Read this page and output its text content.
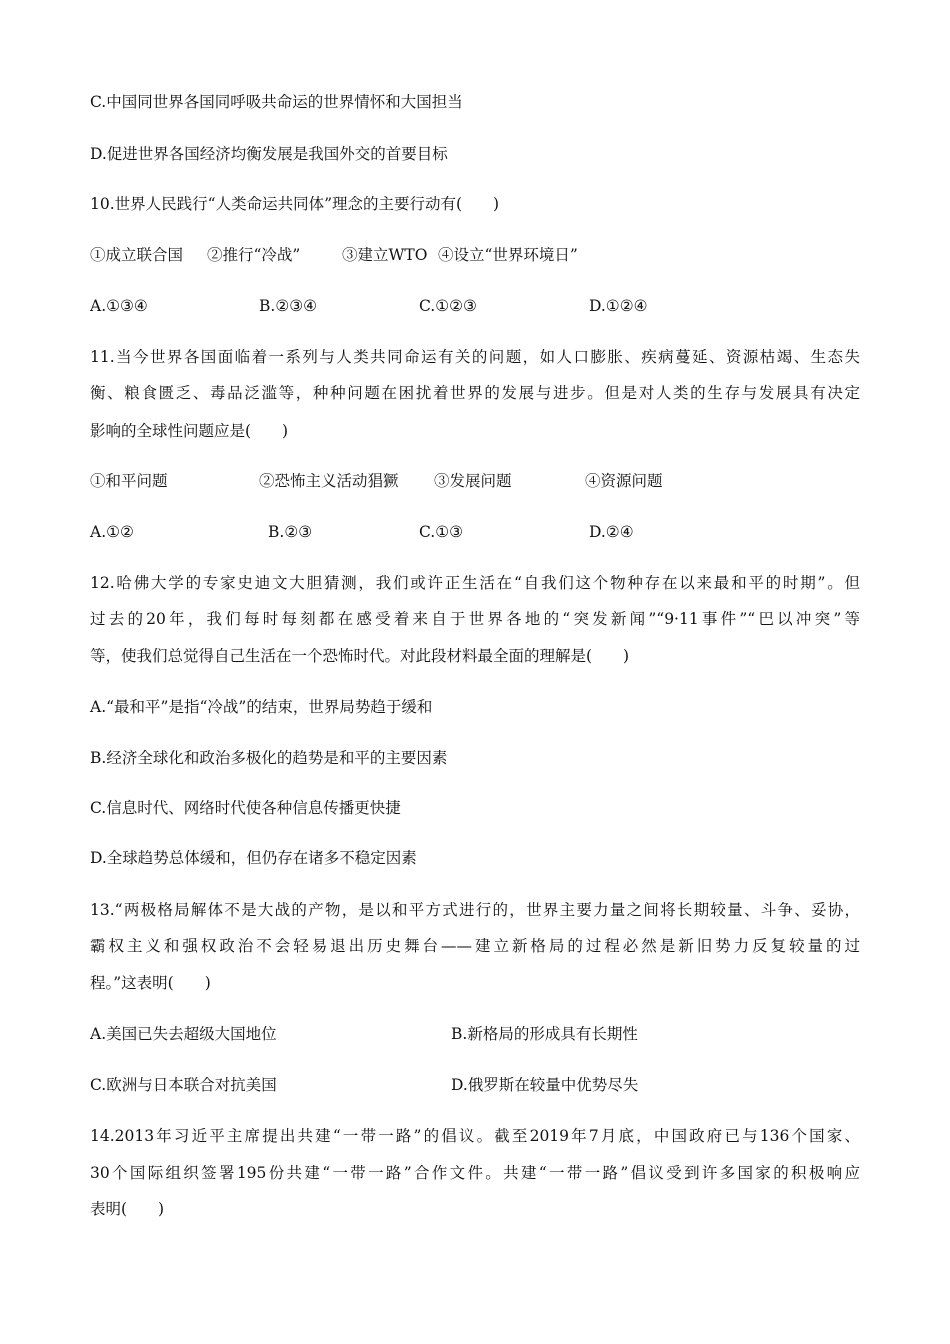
C.中国同世界各国同呼吸共命运的世界情怀和大国担当
D.促进世界各国经济均衡发展是我国外交的首要目标
10.世界人民践行“人类命运共同体”理念的主要行动有(　　)
①成立联合国 ②推行“冷战”	③建立WTO ④设立“世界环境日”
A.①③④	B.②③④	C.①②③	D.①②④
11.当今世界各国面临着一系列与人类共同命运有关的问题，如人口膨胀、疾病蔓延、资源枯竭、生态失
衡、粮食匮乏、毒品泛滥等，种种问题在困扰着世界的发展与进步。但是对人类的生存与发展具有决定
影响的全球性问题应是(　　)
①和平问题	②恐怖主义活动猖獗 ③发展问题	④资源问题
A.①②	B.②③	C.①③	D.②④
12.哈佛大学的专家史迪文大胆猜测，我们或许正生活在“自我们这个物种存在以来最和平的时期”。但
过去的20年，我们每时每刻都在感受着来自于世界各地的“突发新闻”“9·11事件”“巴以冲突”等
等，使我们总觉得自己生活在一个恐怖时代。对此段材料最全面的理解是(　　)
A.“最和平”是指“冷战”的结束，世界局势趋于缓和
B.经济全球化和政治多极化的趋势是和平的主要因素
C.信息时代、网络时代使各种信息传播更快捷
D.全球趋势总体缓和，但仍存在诸多不稳定因素
13.“两极格局解体不是大战的产物，是以和平方式进行的，世界主要力量之间将长期较量、斗争、妥协，
霸权主义和强权政治不会轻易退出历史舞台——建立新格局的过程必然是新旧势力反复较量的过
程。”这表明(　　)
A.美国已失去超级大国地位	B.新格局的形成具有长期性
C.欧洲与日本联合对抗美国	D.俄罗斯在较量中优势尽失
14.2013年习近平主席提出共建“一带一路”的倡议。截至2019年7月底，中国政府已与136个国家、
30个国际组织签署195份共建“一带一路”合作文件。共建“一带一路”倡议受到许多国家的积极响应
表明(　　)
